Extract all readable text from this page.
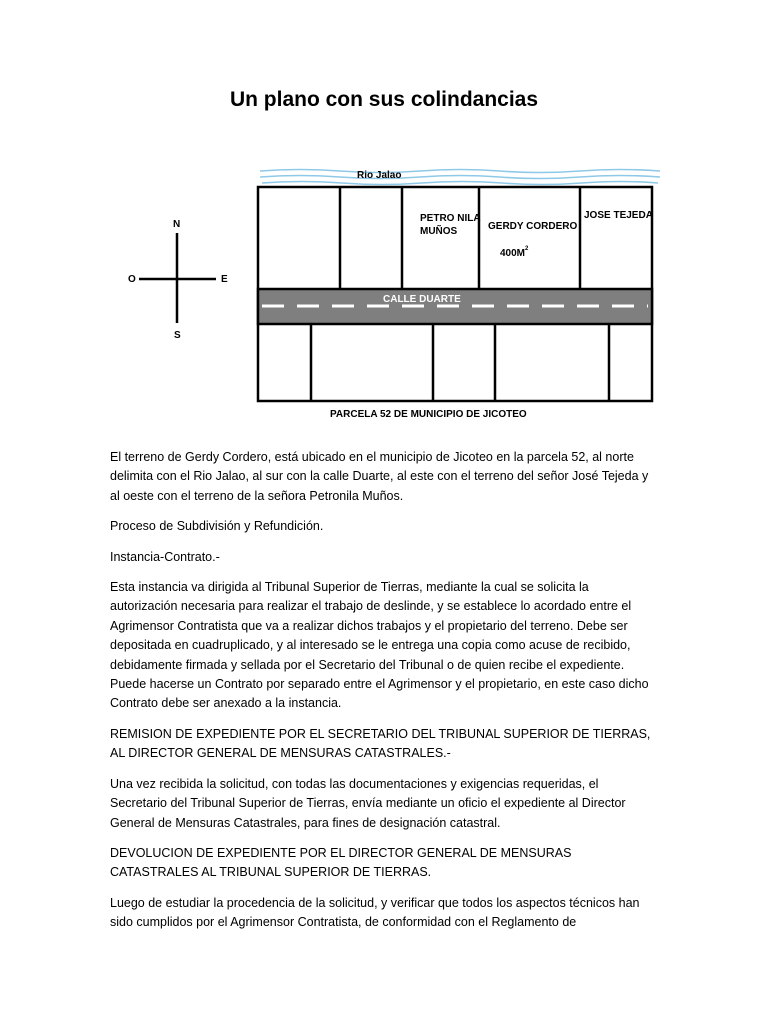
Un plano con sus colindancias
Rio Jalao
CALLE DUARTE
PETRO NILA
MUÑOS	GERDY CORDERO
$400M^2$
JOSE TEJEDA
PARCELA 52 DE MUNICIPIO DE JICOTEO
N
S
E
O

El terreno de Gerdy Cordero, está ubicado en el municipio de Jicoteo en la parcela 52, al norte delimita con el Rio Jalao, al sur con la calle Duarte, al este con el terreno del señor José Tejeda y al oeste con el terreno de la señora Petronila Muños.

Proceso de Subdivisión y Refundición.

Instancia-Contrato.-

Esta instancia va dirigida al Tribunal Superior de Tierras, mediante la cual se solicita la autorización necesaria para realizar el trabajo de deslinde, y se establece lo acordado entre el Agrimensor Contratista que va a realizar dichos trabajos y el propietario del terreno. Debe ser depositada en cuadruplicado, y al interesado se le entrega una copia como acuse de recibido, debidamente firmada y sellada por el Secretario del Tribunal o de quien recibe el expediente. Puede hacerse un Contrato por separado entre el Agrimensor y el propietario, en este caso dicho Contrato debe ser anexado a la instancia.

REMISION DE EXPEDIENTE POR EL SECRETARIO DEL TRIBUNAL SUPERIOR DE TIERRAS, AL DIRECTOR GENERAL DE MENSURAS CATASTRALES.-

Una vez recibida la solicitud, con todas las documentaciones y exigencias requeridas, el Secretario del Tribunal Superior de Tierras, envía mediante un oficio el expediente al Director General de Mensuras Catastrales, para fines de designación catastral.

DEVOLUCION DE EXPEDIENTE POR EL DIRECTOR GENERAL DE MENSURAS CATASTRALES AL TRIBUNAL SUPERIOR DE TIERRAS.

Luego de estudiar la procedencia de la solicitud, y verificar que todos los aspectos técnicos han sido cumplidos por el Agrimensor Contratista, de conformidad con el Reglamento de
